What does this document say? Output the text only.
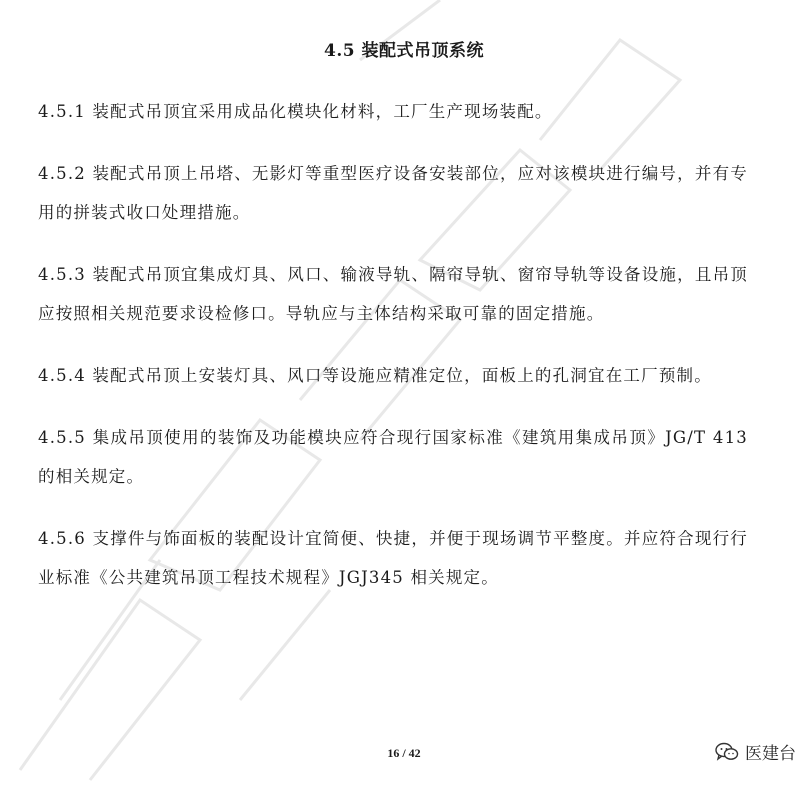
4.5 装配式吊顶系统

4.5.1 装配式吊顶宜采用成品化模块化材料，工厂生产现场装配。

4.5.2 装配式吊顶上吊塔、无影灯等重型医疗设备安装部位，应对该模块进行编号，并有专用的拼装式收口处理措施。

4.5.3 装配式吊顶宜集成灯具、风口、输液导轨、隔帘导轨、窗帘导轨等设备设施，且吊顶应按照相关规范要求设检修口。导轨应与主体结构采取可靠的固定措施。

4.5.4 装配式吊顶上安装灯具、风口等设施应精准定位，面板上的孔洞宜在工厂预制。

4.5.5 集成吊顶使用的装饰及功能模块应符合现行国家标准《建筑用集成吊顶》JG/T 413 的相关规定。

4.5.6 支撑件与饰面板的装配设计宜简便、快捷，并便于现场调节平整度。并应符合现行行业标准《公共建筑吊顶工程技术规程》JGJ345 相关规定。

16 / 42	医建台
